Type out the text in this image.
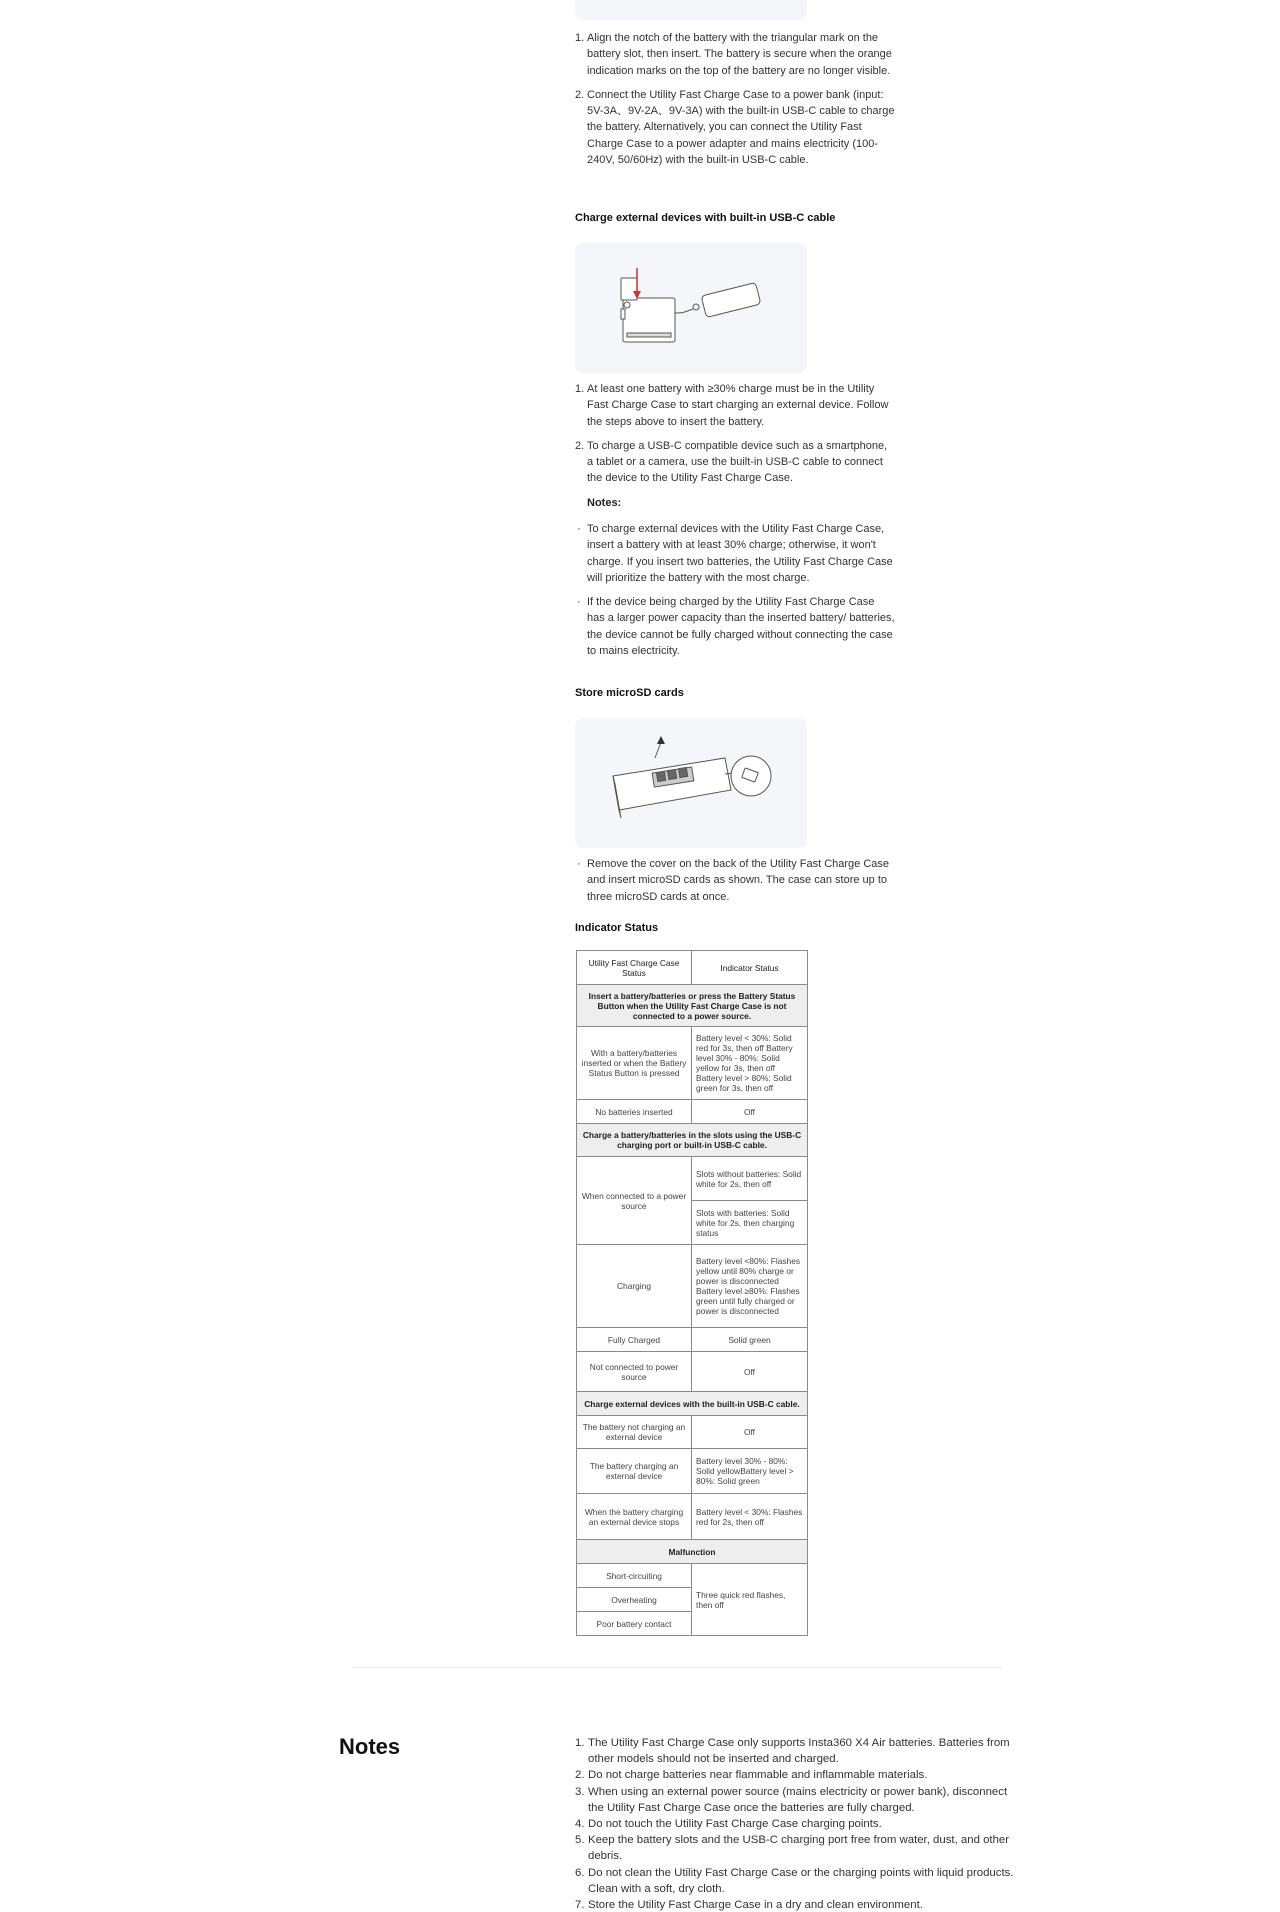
1. Align the notch of the battery with the triangular mark on the battery slot, then insert. The battery is secure when the orange indication marks on the top of the battery are no longer visible.
2. Connect the Utility Fast Charge Case to a power bank (input: 5V-3A、9V-2A、9V-3A) with the built-in USB-C cable to charge the battery. Alternatively, you can connect the Utility Fast Charge Case to a power adapter and mains electricity (100-240V, 50/60Hz) with the built-in USB-C cable.
Charge external devices with built-in USB-C cable
1. At least one battery with ≥30% charge must be in the Utility Fast Charge Case to start charging an external device. Follow the steps above to insert the battery.
2. To charge a USB-C compatible device such as a smartphone, a tablet or a camera, use the built-in USB-C cable to connect the device to the Utility Fast Charge Case.
Notes:
· To charge external devices with the Utility Fast Charge Case, insert a battery with at least 30% charge; otherwise, it won't charge. If you insert two batteries, the Utility Fast Charge Case will prioritize the battery with the most charge.
· If the device being charged by the Utility Fast Charge Case has a larger power capacity than the inserted battery/ batteries, the device cannot be fully charged without connecting the case to mains electricity.
Store microSD cards
· Remove the cover on the back of the Utility Fast Charge Case and insert microSD cards as shown. The case can store up to three microSD cards at once.
Indicator Status
Utility Fast Charge Case Status	Indicator Status
Insert a battery/batteries or press the Battery Status Button when the Utility Fast Charge Case is not connected to a power source.	
With a battery/batteries inserted or when the Battery Status Button is pressed	Battery level < 30%: Solid red for 3s, then off Battery level 30% - 80%: Solid yellow for 3s, then off Battery level > 80%: Solid green for 3s, then off
No batteries inserted	Off
Charge a battery/batteries in the slots using the USB-C charging port or built-in USB-C cable.	
When connected to a power source	Slots without batteries: Solid white for 2s, then off
	Slots with batteries: Solid white for 2s, then charging status
Charging	Battery level <80%: Flashes yellow until 80% charge or power is disconnected Battery level ≥80%: Flashes green until fully charged or power is disconnected
Fully Charged	Solid green
Not connected to power source	Off
Charge external devices with the built-in USB-C cable.	
The battery not charging an external device	Off
The battery charging an external device	Battery level 30% - 80%: Solid yellowBattery level > 80%: Solid green
When the battery charging an external device stops	Battery level < 30%: Flashes red for 2s, then off
Malfunction	
Short-circuiting	Three quick red flashes, then off
Overheating	
Poor battery contact	
Notes	1. The Utility Fast Charge Case only supports Insta360 X4 Air batteries. Batteries from other models should not be inserted and charged.
2. Do not charge batteries near flammable and inflammable materials.
3. When using an external power source (mains electricity or power bank), disconnect the Utility Fast Charge Case once the batteries are fully charged.
4. Do not touch the Utility Fast Charge Case charging points.
5. Keep the battery slots and the USB-C charging port free from water, dust, and other debris.
6. Do not clean the Utility Fast Charge Case or the charging points with liquid products. Clean with a soft, dry cloth.
7. Store the Utility Fast Charge Case in a dry and clean environment.
